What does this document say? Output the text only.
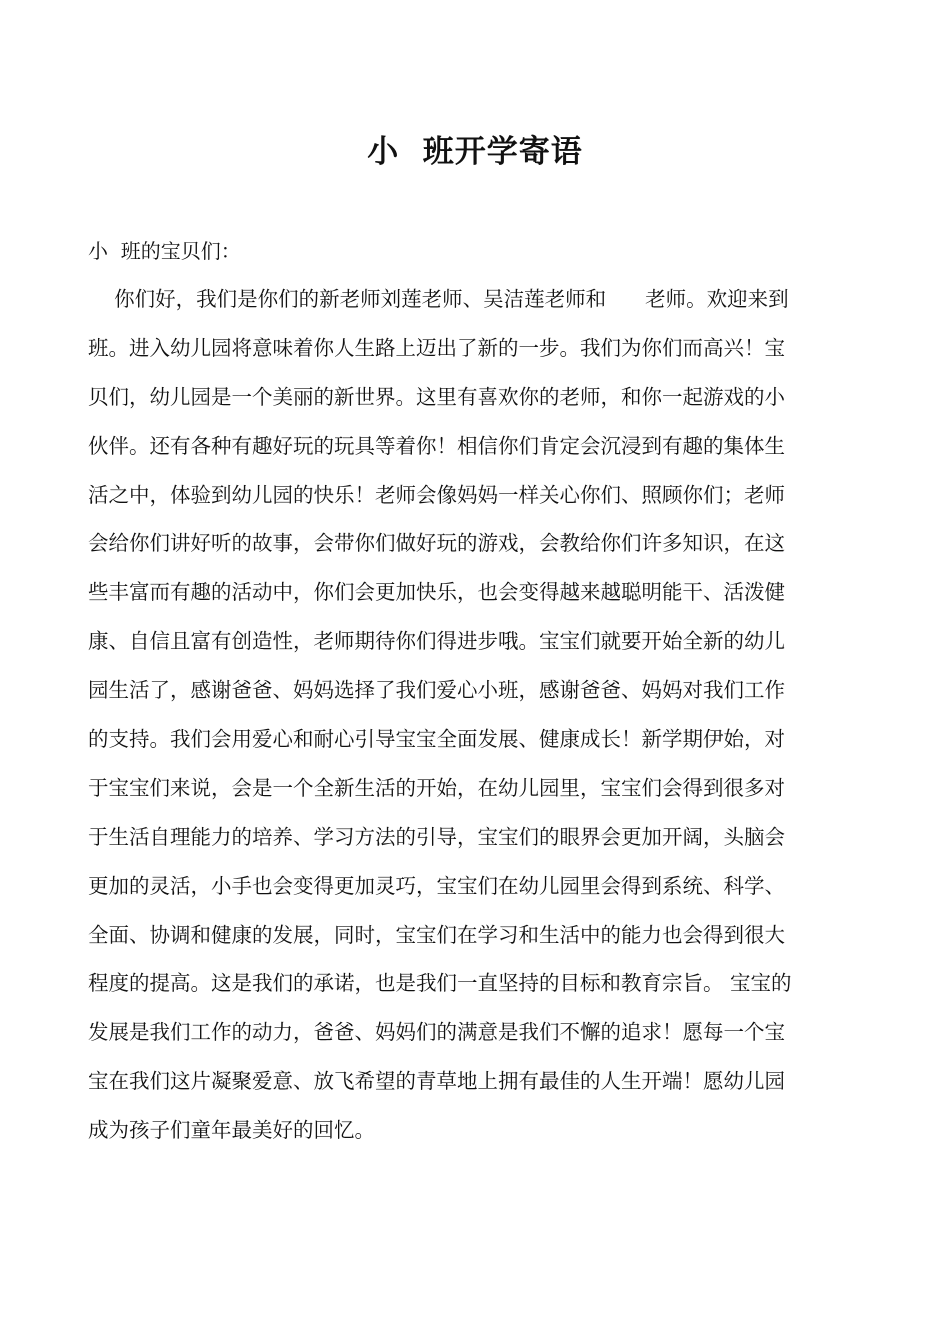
小  班开学寄语
小  班的宝贝们：
你们好，我们是你们的新老师刘莲老师、吴洁莲老师和      老师。欢迎来到
班。进入幼儿园将意味着你人生路上迈出了新的一步。我们为你们而高兴！宝
贝们，幼儿园是一个美丽的新世界。这里有喜欢你的老师，和你一起游戏的小
伙伴。还有各种有趣好玩的玩具等着你！相信你们肯定会沉浸到有趣的集体生
活之中，体验到幼儿园的快乐！老师会像妈妈一样关心你们、照顾你们；老师
会给你们讲好听的故事，会带你们做好玩的游戏，会教给你们许多知识，在这
些丰富而有趣的活动中，你们会更加快乐，也会变得越来越聪明能干、活泼健
康、自信且富有创造性，老师期待你们得进步哦。宝宝们就要开始全新的幼儿
园生活了，感谢爸爸、妈妈选择了我们爱心小班，感谢爸爸、妈妈对我们工作
的支持。我们会用爱心和耐心引导宝宝全面发展、健康成长！新学期伊始，对
于宝宝们来说，会是一个全新生活的开始，在幼儿园里，宝宝们会得到很多对
于生活自理能力的培养、学习方法的引导，宝宝们的眼界会更加开阔，头脑会
更加的灵活，小手也会变得更加灵巧，宝宝们在幼儿园里会得到系统、科学、
全面、协调和健康的发展，同时，宝宝们在学习和生活中的能力也会得到很大
程度的提高。这是我们的承诺，也是我们一直坚持的目标和教育宗旨。 宝宝的
发展是我们工作的动力，爸爸、妈妈们的满意是我们不懈的追求！愿每一个宝
宝在我们这片凝聚爱意、放飞希望的青草地上拥有最佳的人生开端！愿幼儿园
成为孩子们童年最美好的回忆。
